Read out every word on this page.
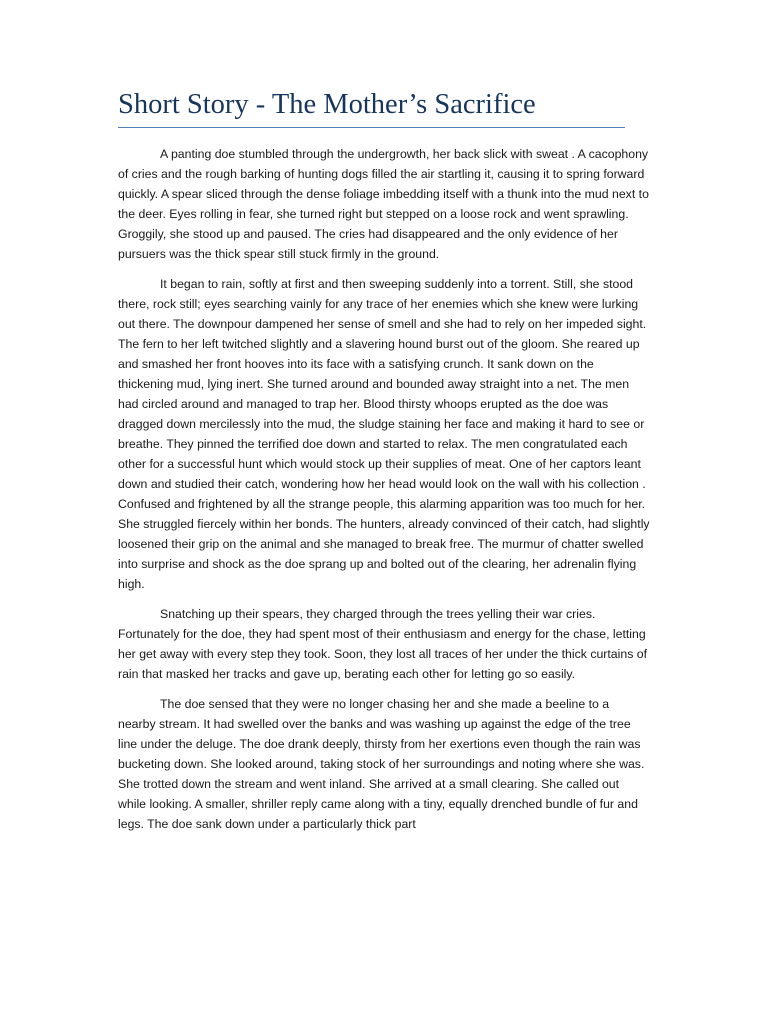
Short Story - The Mother’s Sacrifice

A panting doe stumbled through the undergrowth, her back slick with sweat . A cacophony of cries and the rough barking of hunting dogs filled the air startling it, causing it to spring forward quickly. A spear sliced through the dense foliage imbedding itself with a thunk into the mud next to the deer. Eyes rolling in fear, she turned right but stepped on a loose rock and went sprawling. Groggily, she stood up and paused. The cries had disappeared and the only evidence of her pursuers was the thick spear still stuck firmly in the ground.

It began to rain, softly at first and then sweeping suddenly into a torrent. Still, she stood there, rock still; eyes searching vainly for any trace of her enemies which she knew were lurking out there. The downpour dampened her sense of smell and she had to rely on her impeded sight. The fern to her left twitched slightly and a slavering hound burst out of the gloom. She reared up and smashed her front hooves into its face with a satisfying crunch. It sank down on the thickening mud, lying inert. She turned around and bounded away straight into a net. The men had circled around and managed to trap her. Blood thirsty whoops erupted as the doe was dragged down mercilessly into the mud, the sludge staining her face and making it hard to see or breathe. They pinned the terrified doe down and started to relax. The men congratulated each other for a successful hunt which would stock up their supplies of meat. One of her captors leant down and studied their catch, wondering how her head would look on the wall with his collection . Confused and frightened by all the strange people, this alarming apparition was too much for her. She struggled fiercely within her bonds. The hunters, already convinced of their catch, had slightly loosened their grip on the animal and she managed to break free. The murmur of chatter swelled into surprise and shock as the doe sprang up and bolted out of the clearing, her adrenalin flying high.

Snatching up their spears, they charged through the trees yelling their war cries. Fortunately for the doe, they had spent most of their enthusiasm and energy for the chase, letting her get away with every step they took. Soon, they lost all traces of her under the thick curtains of rain that masked her tracks and gave up, berating each other for letting go so easily.

The doe sensed that they were no longer chasing her and she made a beeline to a nearby stream. It had swelled over the banks and was washing up against the edge of the tree line under the deluge. The doe drank deeply, thirsty from her exertions even though the rain was bucketing down. She looked around, taking stock of her surroundings and noting where she was. She trotted down the stream and went inland. She arrived at a small clearing. She called out while looking. A smaller, shriller reply came along with a tiny, equally drenched bundle of fur and legs. The doe sank down under a particularly thick part
